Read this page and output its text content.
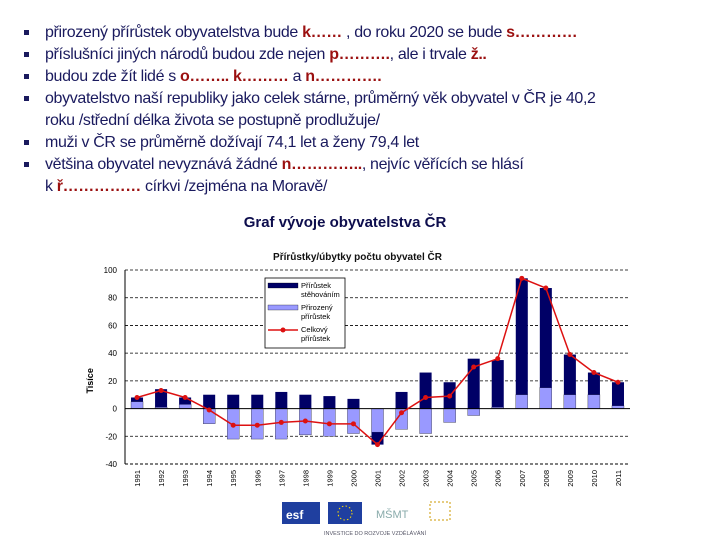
přirozený přírůstek obyvatelstva bude k…… , do roku 2020 se bude s…………
příslušníci jiných národů budou zde nejen p………., ale i trvale ž..
budou zde žít lidé s o…….. k……… a n………….
obyvatelstvo naší republiky jako celek stárne, průměrný věk obyvatel v ČR je 40,2
roku /střední délka života se postupně prodlužuje/
muži v ČR se průměrně dožívají 74,1 let a ženy 79,4 let
většina obyvatel nevyznává žádné n………….., nejvíc věřících se hlásí
k ř…………… církvi /zejména na Moravě/
Graf vývoje obyvatelstva ČR
Přírůstky/úbytky počtu obyvatel ČR
Tisíce
-40
-20
0
20
40
60
80
100
1991 1992 1993 1994 1995 1996 1997 1998 1999 2000 2001 2002 2003 2004 2005 2006 2007 2008 2009 2010 2011
Přírůstek stěhováním
Přirozený přírůstek
Celkový přírůstek
esf	MŠMT
INVESTICE DO ROZVOJE VZDĚLÁVÁNÍ
